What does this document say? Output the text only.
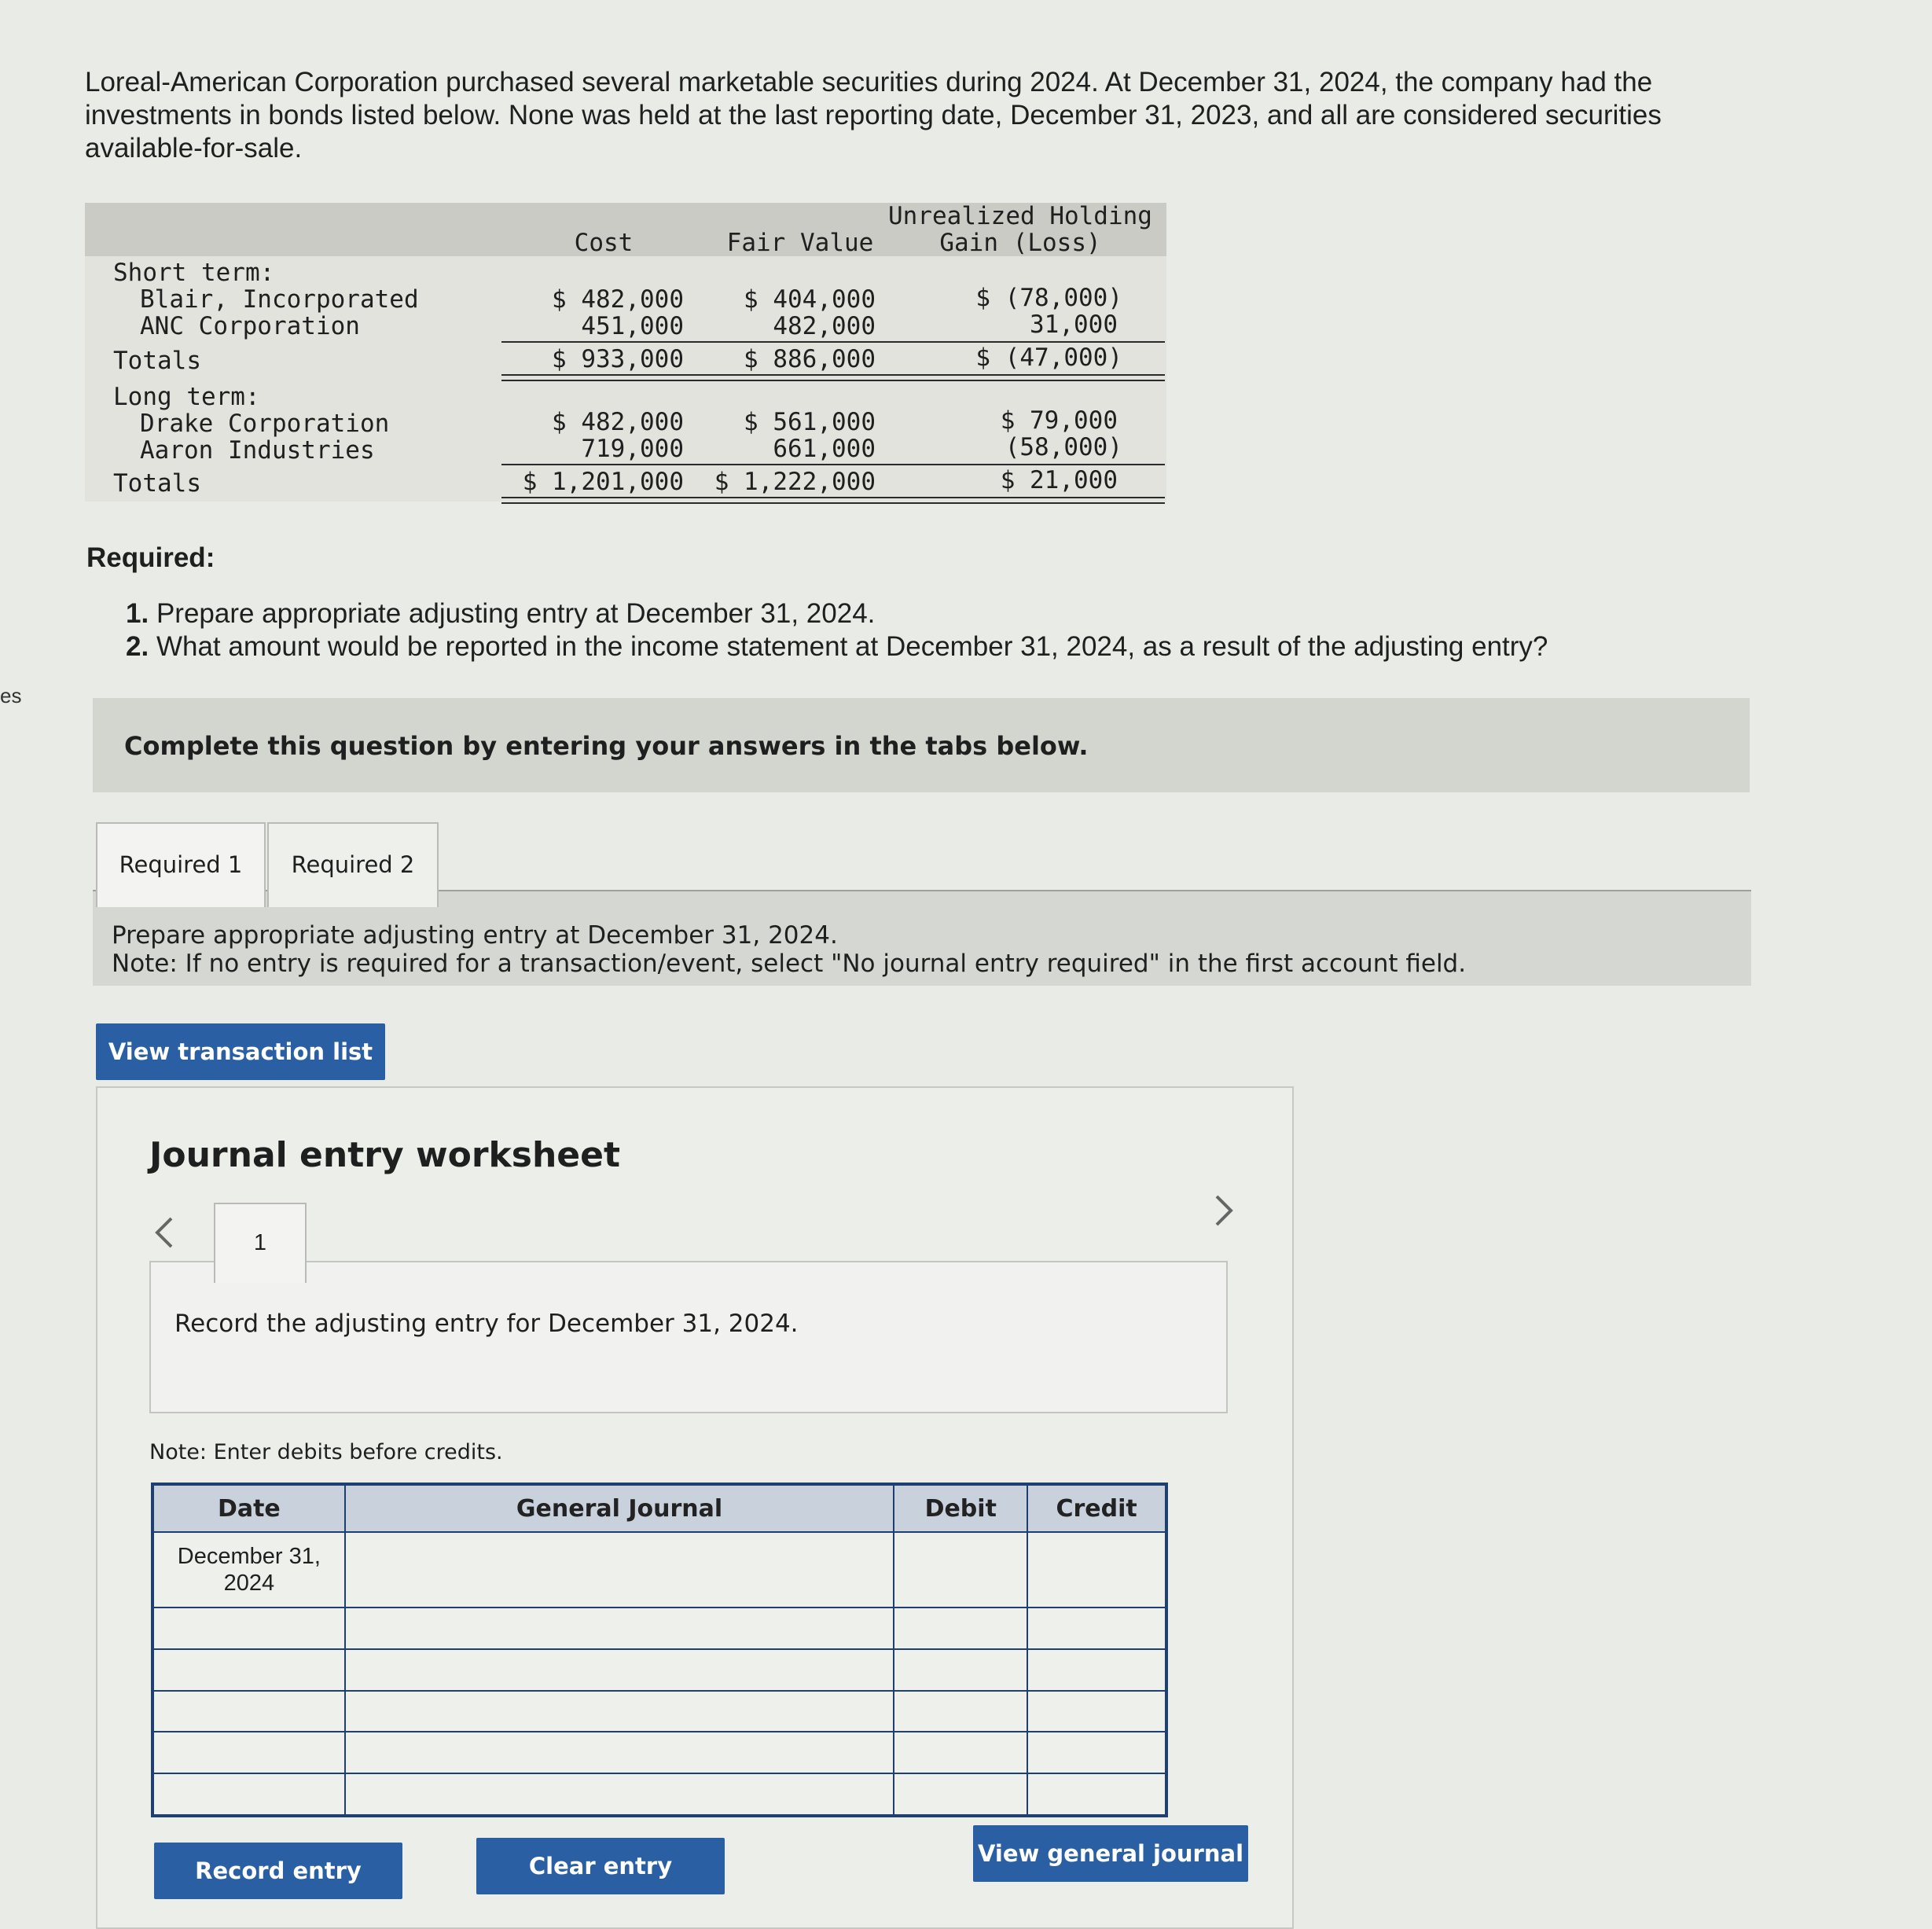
es
Loreal-American Corporation purchased several marketable securities during 2024. At December 31, 2024, the company had the investments in bonds listed below. None was held at the last reporting date, December 31, 2023, and all are considered securities available-for-sale.
Cost	Fair Value
Unrealized Holding
Gain (Loss)
Short term:
Blair, Incorporated	$ 482,000	$ 404,000	$ (78,000)
ANC Corporation	451,000	482,000	31,000
Totals	$ 933,000	$ 886,000	$ (47,000)
Long term:
Drake Corporation	$ 482,000	$ 561,000	$ 79,000
Aaron Industries	719,000	661,000	(58,000)
Totals	$ 1,201,000	$ 1,222,000	$ 21,000
Required:
1. Prepare appropriate adjusting entry at December 31, 2024.
2. What amount would be reported in the income statement at December 31, 2024, as a result of the adjusting entry?
Complete this question by entering your answers in the tabs below.
Prepare appropriate adjusting entry at December 31, 2024.
Note: If no entry is required for a transaction/event, select "No journal entry required" in the first account field.
Required 1	Required 2
View transaction list
Journal entry worksheet
Record the adjusting entry for December 31, 2024.
1
Note: Enter debits before credits.
Date	General Journal	Debit	Credit

December 31,
2024			

Record entry	Clear entry	View general journal
